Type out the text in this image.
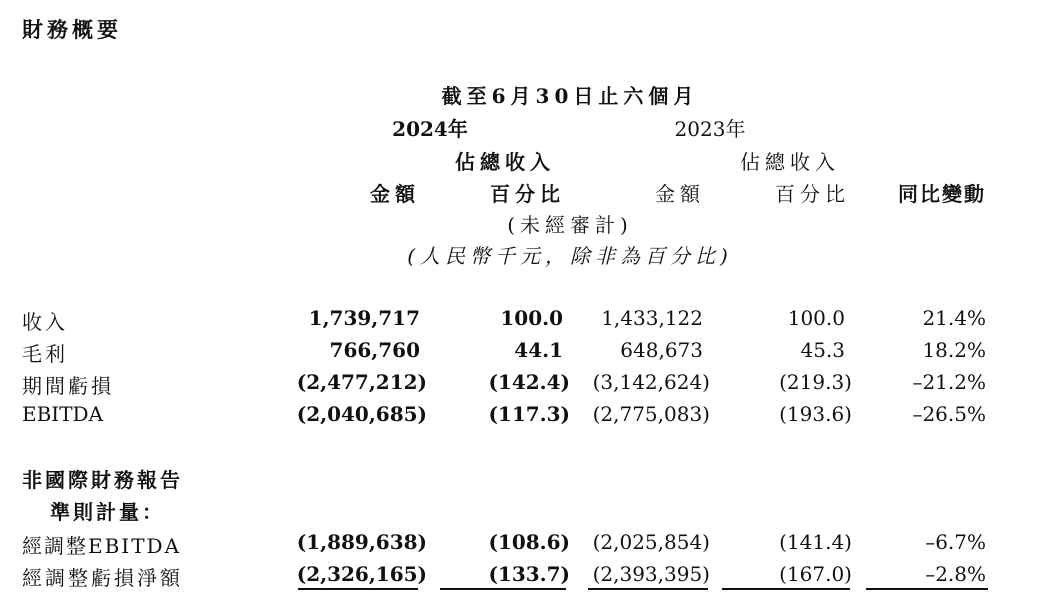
財務概要
截至6月30日止六個月
2024年	2023年
佔總收入	佔總收入
金額	百分比	金額	百分比	同比變動
(未經審計)
(人民幣千元，除非為百分比)
收入	1,739,717	100.0	1,433,122	100.0	21.4%
毛利	766,760	44.1	648,673	45.3	18.2%
期間虧損	(2,477,212)	(142.4)	(3,142,624)	(219.3)	–21.2%
EBITDA	(2,040,685)	(117.3)	(2,775,083)	(193.6)	–26.5%
非國際財務報告
準則計量：
經調整EBITDA	(1,889,638)	(108.6)	(2,025,854)	(141.4)	–6.7%
經調整虧損淨額	(2,326,165)	(133.7)	(2,393,395)	(167.0)	–2.8%
